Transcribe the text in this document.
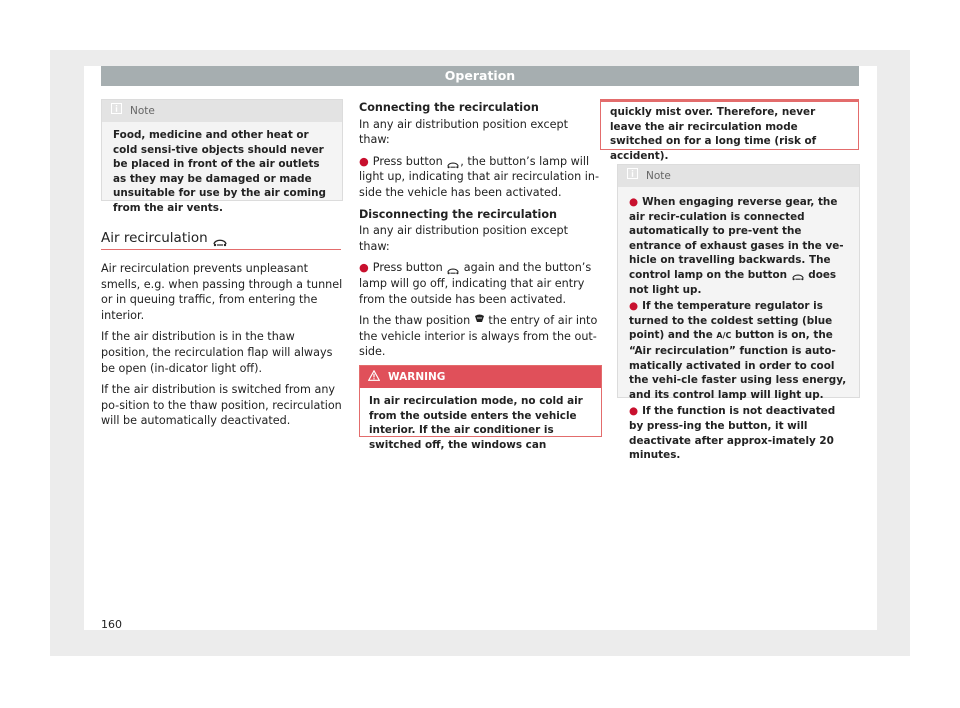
Operation
Note
Food, medicine and other heat or cold sensi-tive objects should never be placed in front of the air outlets as they may be damaged or made unsuitable for use by the air coming from the air vents.
Air recirculation

Air recirculation prevents unpleasant smells, e.g. when passing through a tunnel or in queuing traffic, from entering the interior.

If the air distribution is in the thaw position, the recirculation flap will always be open (in-dicator light off).

If the air distribution is switched from any po-sition to the thaw position, recirculation will be automatically deactivated.

Connecting the recirculation

In any air distribution position except thaw:

● Press button , the button’s lamp will light up, indicating that air recirculation in-side the vehicle has been activated.

Disconnecting the recirculation

In any air distribution position except thaw:

● Press button again and the button’s lamp will go off, indicating that air entry from the outside has been activated.

In the thaw position the entry of air into the vehicle interior is always from the out-side.

WARNING
In air recirculation mode, no cold air from the outside enters the vehicle interior. If the air conditioner is switched off, the windows can
quickly mist over. Therefore, never leave the air recirculation mode switched on for a long time (risk of accident).
Note

● When engaging reverse gear, the air recir-culation is connected automatically to pre-vent the entrance of exhaust gases in the ve-hicle on travelling backwards. The control lamp on the button does not light up.

● If the temperature regulator is turned to the coldest setting (blue point) and the A/C button is on, the “Air recirculation” function is auto-matically activated in order to cool the vehi-cle faster using less energy, and its control lamp will light up.

● If the function is not deactivated by press-ing the button, it will deactivate after approx-imately 20 minutes.

160
